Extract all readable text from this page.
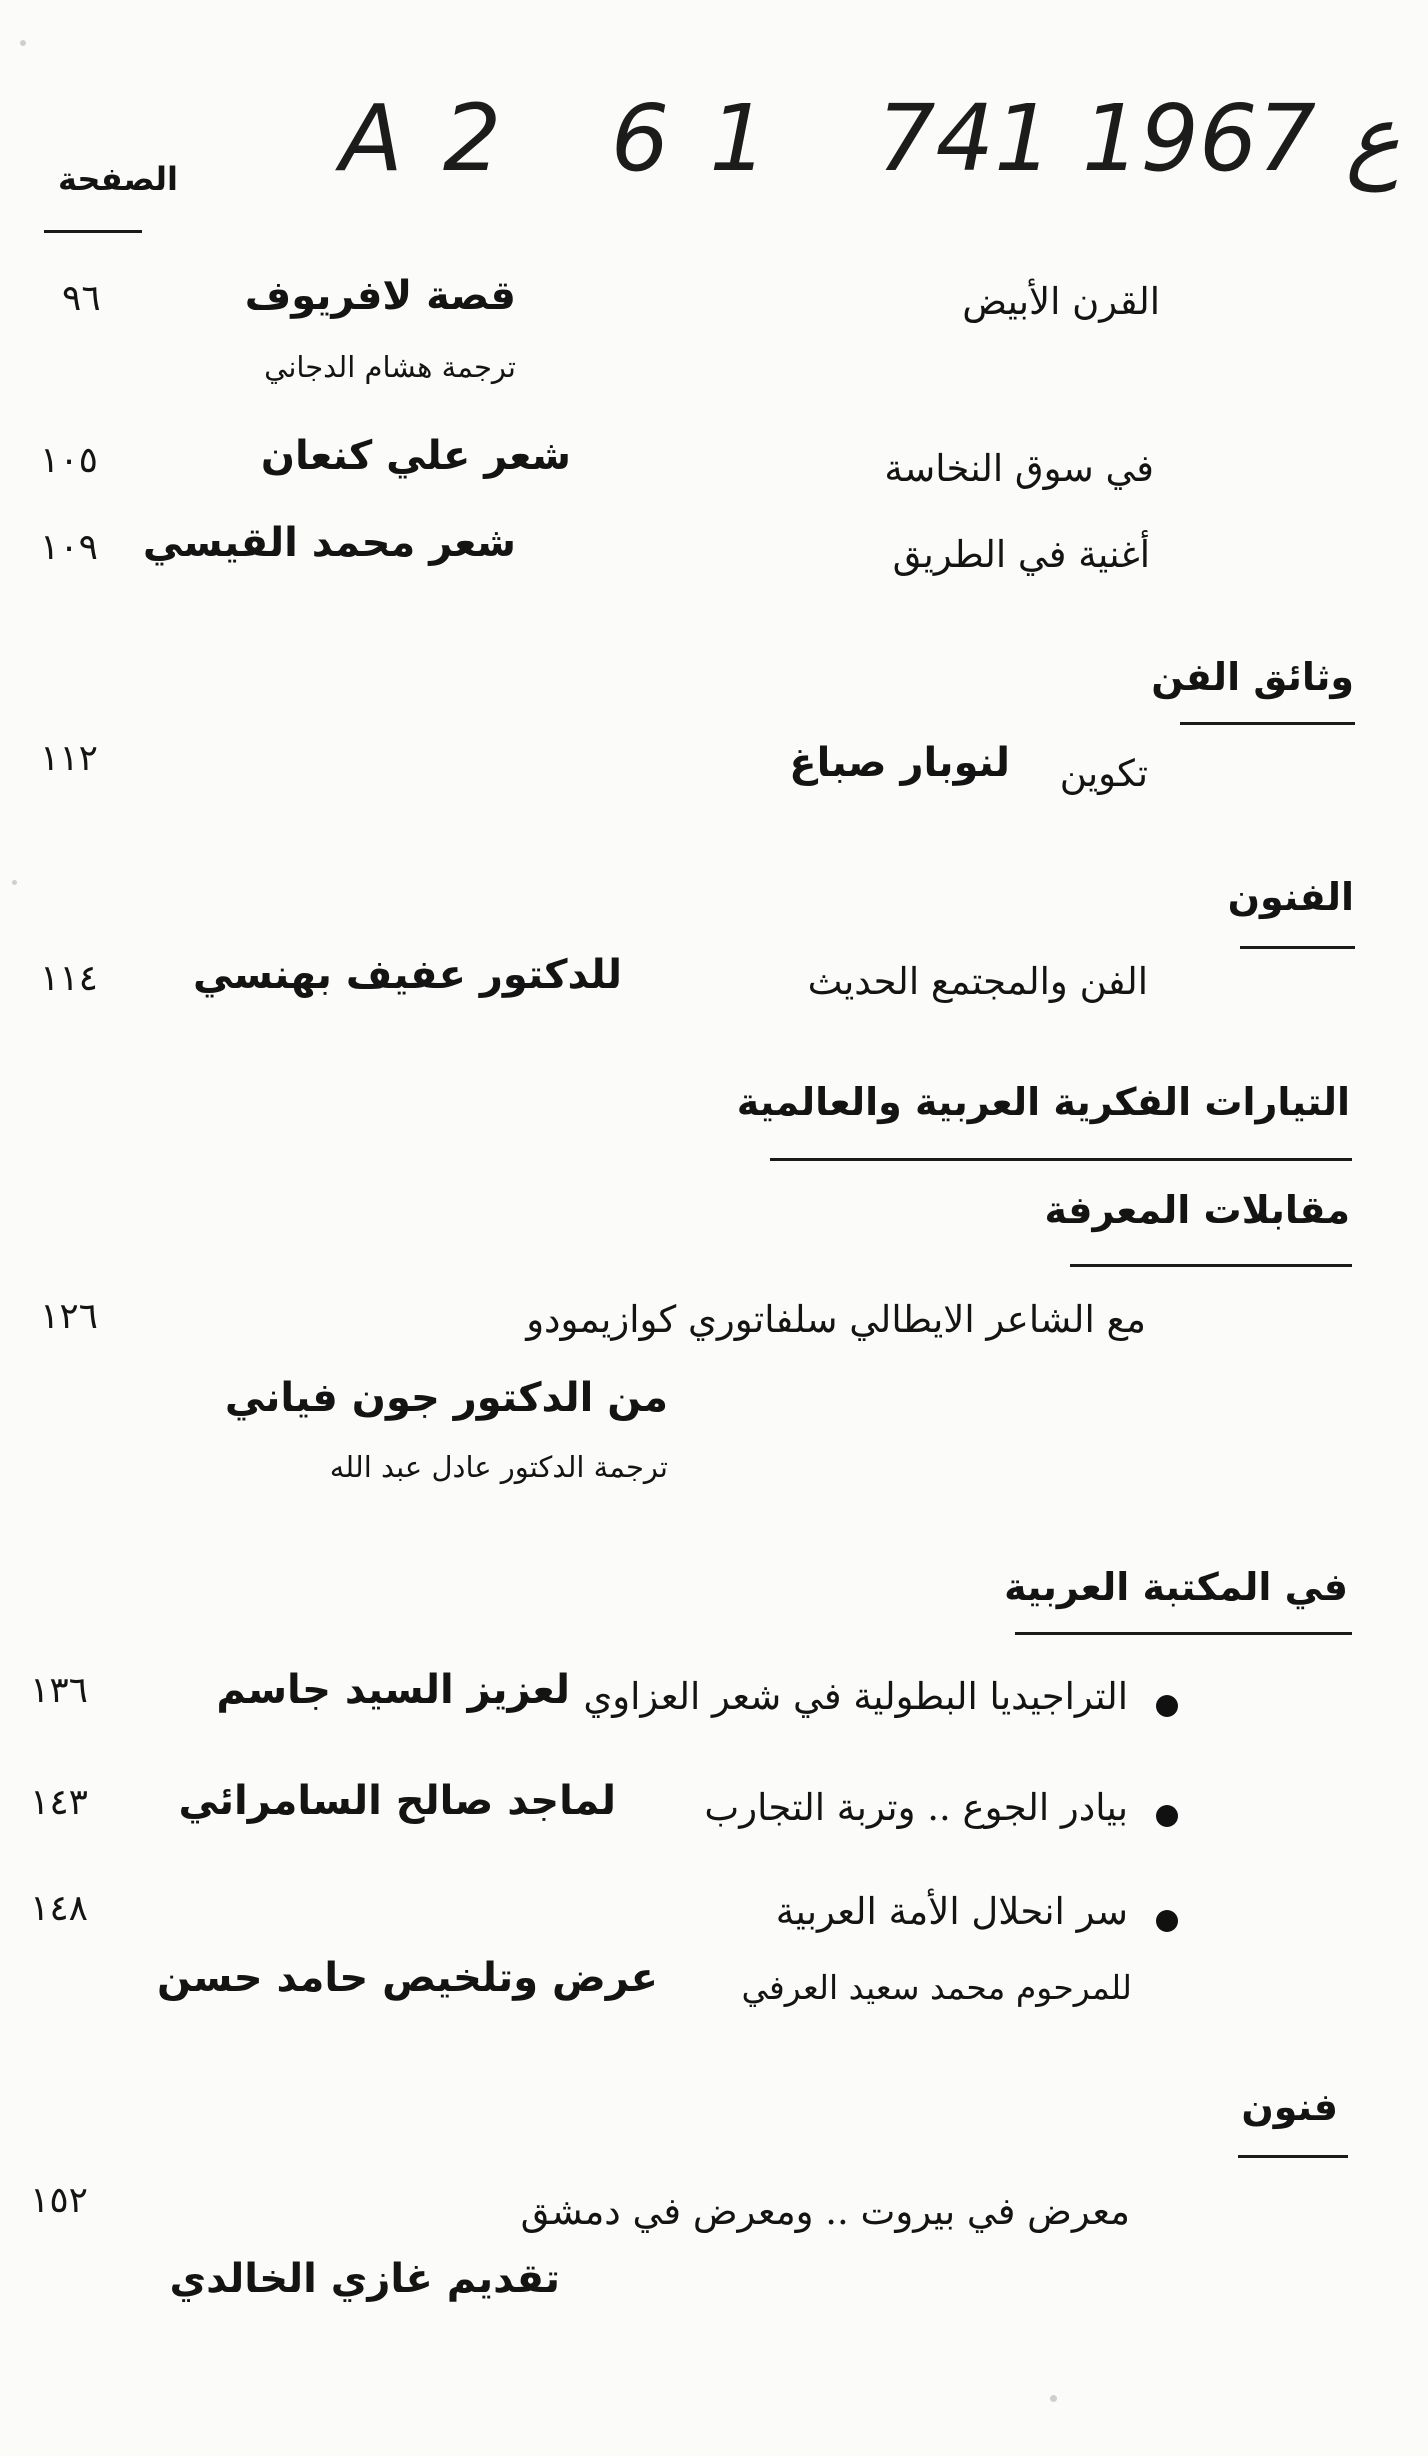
A2 61 ع 1967 741
الصفحة
القرن الأبيض
قصة لافريوف
ترجمة هشام الدجاني
٩٦
في سوق النخاسة
شعر علي كنعان
١٠٥
أغنية في الطريق
شعر محمد القيسي
١٠٩
وثائق الفن
تكوين
لنوبار صباغ
١١٢
الفنون
الفن والمجتمع الحديث
للدكتور عفيف بهنسي
١١٤
التيارات الفكرية العربية والعالمية
مقابلات المعرفة
مع الشاعر الايطالي سلفاتوري كوازيمودو
من الدكتور جون فياني
ترجمة الدكتور عادل عبد الله
١٢٦
في المكتبة العربية
التراجيديا البطولية في شعر العزاوي
لعزيز السيد جاسم
١٣٦
بيادر الجوع .. وتربة التجارب
لماجد صالح السامرائي
١٤٣
سر انحلال الأمة العربية
للمرحوم محمد سعيد العرفي
عرض وتلخيص حامد حسن
١٤٨
فنون
معرض في بيروت .. ومعرض في دمشق
تقديم غازي الخالدي
١٥٢
